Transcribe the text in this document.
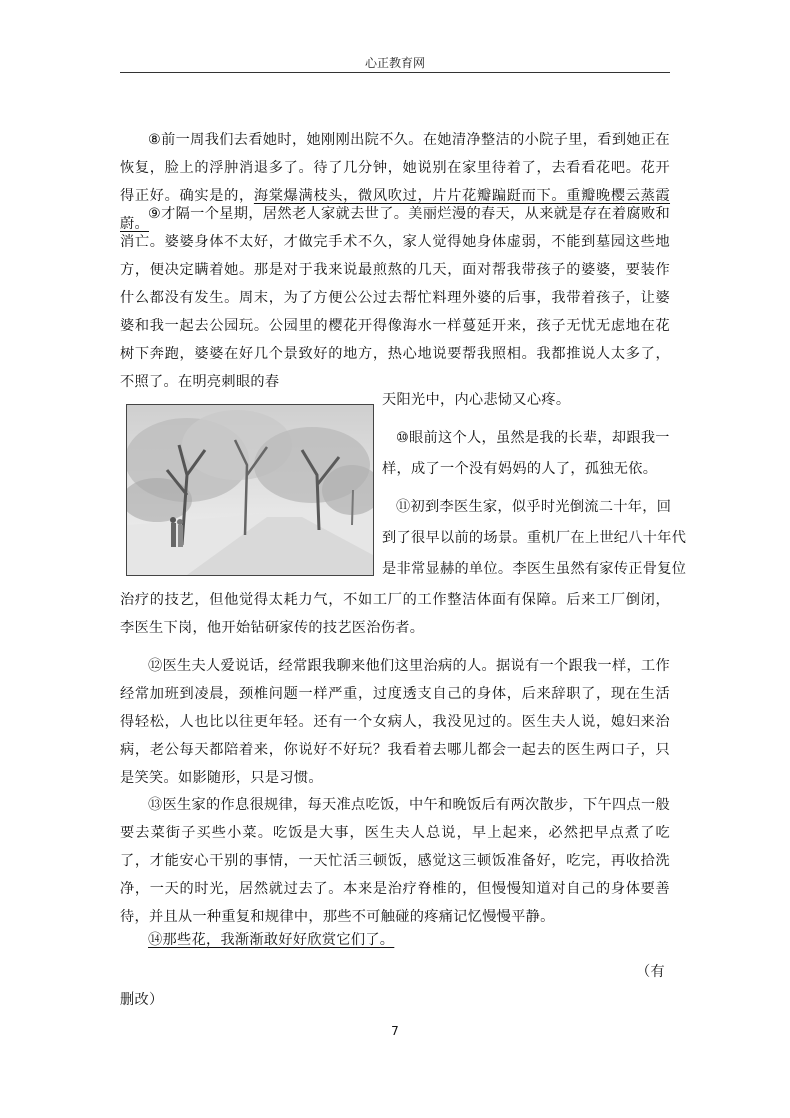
心正教育网

⑧前一周我们去看她时，她刚刚出院不久。在她清净整洁的小院子里，看到她正在恢复，脸上的浮肿消退多了。待了几分钟，她说别在家里待着了，去看看花吧。花开得正好。确实是的，海棠爆满枝头，微风吹过，片片花瓣蹁跹而下。重瓣晚樱云蒸霞蔚。

⑨才隔一个星期，居然老人家就去世了。美丽烂漫的春天，从来就是存在着腐败和消亡。婆婆身体不太好，才做完手术不久，家人觉得她身体虚弱，不能到墓园这些地方，便决定瞒着她。那是对于我来说最煎熬的几天，面对帮我带孩子的婆婆，要装作什么都没有发生。周末，为了方便公公过去帮忙料理外婆的后事，我带着孩子，让婆婆和我一起去公园玩。公园里的樱花开得像海水一样蔓延开来，孩子无忧无虑地在花树下奔跑，婆婆在好几个景致好的地方，热心地说要帮我照相。我都推说人太多了，不照了。在明亮刺眼的春

天阳光中，内心悲恸又心疼。

⑩眼前这个人，虽然是我的长辈，却跟我一

样，成了一个没有妈妈的人了，孤独无依。

⑪初到李医生家，似乎时光倒流二十年，回

到了很早以前的场景。重机厂在上世纪八十年代

是非常显赫的单位。李医生虽然有家传正骨复位

治疗的技艺，但他觉得太耗力气，不如工厂的工作整洁体面有保障。后来工厂倒闭，李医生下岗，他开始钻研家传的技艺医治伤者。

⑫医生夫人爱说话，经常跟我聊来他们这里治病的人。据说有一个跟我一样，工作经常加班到凌晨，颈椎问题一样严重，过度透支自己的身体，后来辞职了，现在生活得轻松，人也比以往更年轻。还有一个女病人，我没见过的。医生夫人说，媳妇来治病，老公每天都陪着来，你说好不好玩？我看着去哪儿都会一起去的医生两口子，只是笑笑。如影随形，只是习惯。

⑬医生家的作息很规律，每天准点吃饭，中午和晚饭后有两次散步，下午四点一般要去菜街子买些小菜。吃饭是大事，医生夫人总说，早上起来，必然把早点煮了吃了，才能安心干别的事情，一天忙活三顿饭，感觉这三顿饭准备好，吃完，再收拾洗净，一天的时光，居然就过去了。本来是治疗脊椎的，但慢慢知道对自己的身体要善待，并且从一种重复和规律中，那些不可触碰的疼痛记忆慢慢平静。

⑭那些花，我渐渐敢好好欣赏它们了。

（有

删改）

7
